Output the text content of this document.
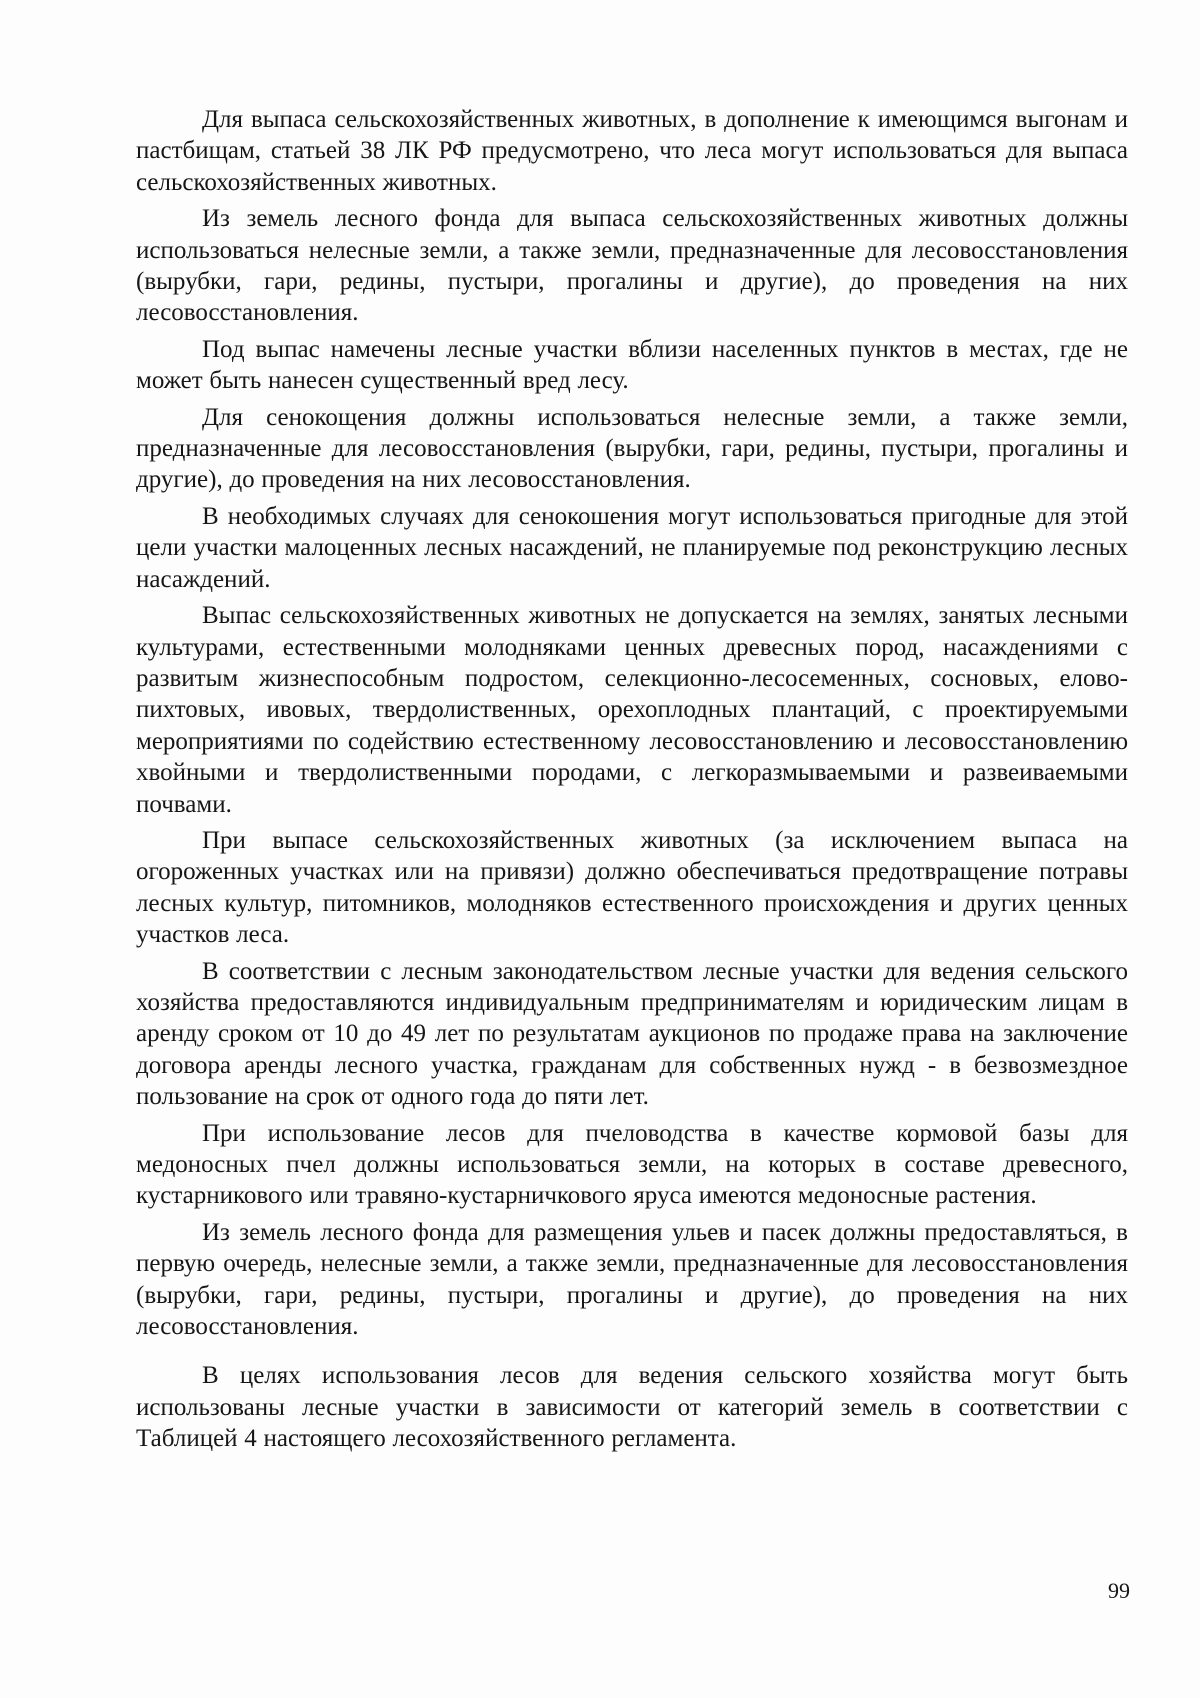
Для выпаса сельскохозяйственных животных, в дополнение к имеющимся выгонам и пастбищам, статьей 38 ЛК РФ предусмотрено, что леса могут использоваться для выпаса сельскохозяйственных животных.

Из земель лесного фонда для выпаса сельскохозяйственных животных должны использоваться нелесные земли, а также земли, предназначенные для лесовосстановления (вырубки, гари, редины, пустыри, прогалины и другие), до проведения на них лесовосстановления.

Под выпас намечены лесные участки вблизи населенных пунктов в местах, где не может быть нанесен существенный вред лесу.

Для сенокощения должны использоваться нелесные земли, а также земли, предназначенные для лесовосстановления (вырубки, гари, редины, пустыри, прогалины и другие), до проведения на них лесовосстановления.

В необходимых случаях для сенокошения могут использоваться пригодные для этой цели участки малоценных лесных насаждений, не планируемые под реконструкцию лесных насаждений.

Выпас сельскохозяйственных животных не допускается на землях, занятых лесными культурами, естественными молодняками ценных древесных пород, насаждениями с развитым жизнеспособным подростом, селекционно-лесосеменных, сосновых, елово-пихтовых, ивовых, твердолиственных, орехоплодных плантаций, с проектируемыми мероприятиями по содействию естественному лесовосстановлению и лесовосстановлению хвойными и твердолиственными породами, с легкоразмываемыми и развеиваемыми почвами.

При выпасе сельскохозяйственных животных (за исключением выпаса на огороженных участках или на привязи) должно обеспечиваться предотвращение потравы лесных культур, питомников, молодняков естественного происхождения и других ценных участков леса.

В соответствии с лесным законодательством лесные участки для ведения сельского хозяйства предоставляются индивидуальным предпринимателям и юридическим лицам в аренду сроком от 10 до 49 лет по результатам аукционов по продаже права на заключение договора аренды лесного участка, гражданам для собственных нужд - в безвозмездное пользование на срок от одного года до пяти лет.

При использование лесов для пчеловодства в качестве кормовой базы для медоносных пчел должны использоваться земли, на которых в составе древесного, кустарникового или травяно-кустарничкового яруса имеются медоносные растения.

Из земель лесного фонда для размещения ульев и пасек должны предоставляться, в первую очередь, нелесные земли, а также земли, предназначенные для лесовосстановления (вырубки, гари, редины, пустыри, прогалины и другие), до проведения на них лесовосстановления.

В целях использования лесов для ведения сельского хозяйства могут быть использованы лесные участки в зависимости от категорий земель в соответствии с Таблицей 4 настоящего лесохозяйственного регламента.

99
